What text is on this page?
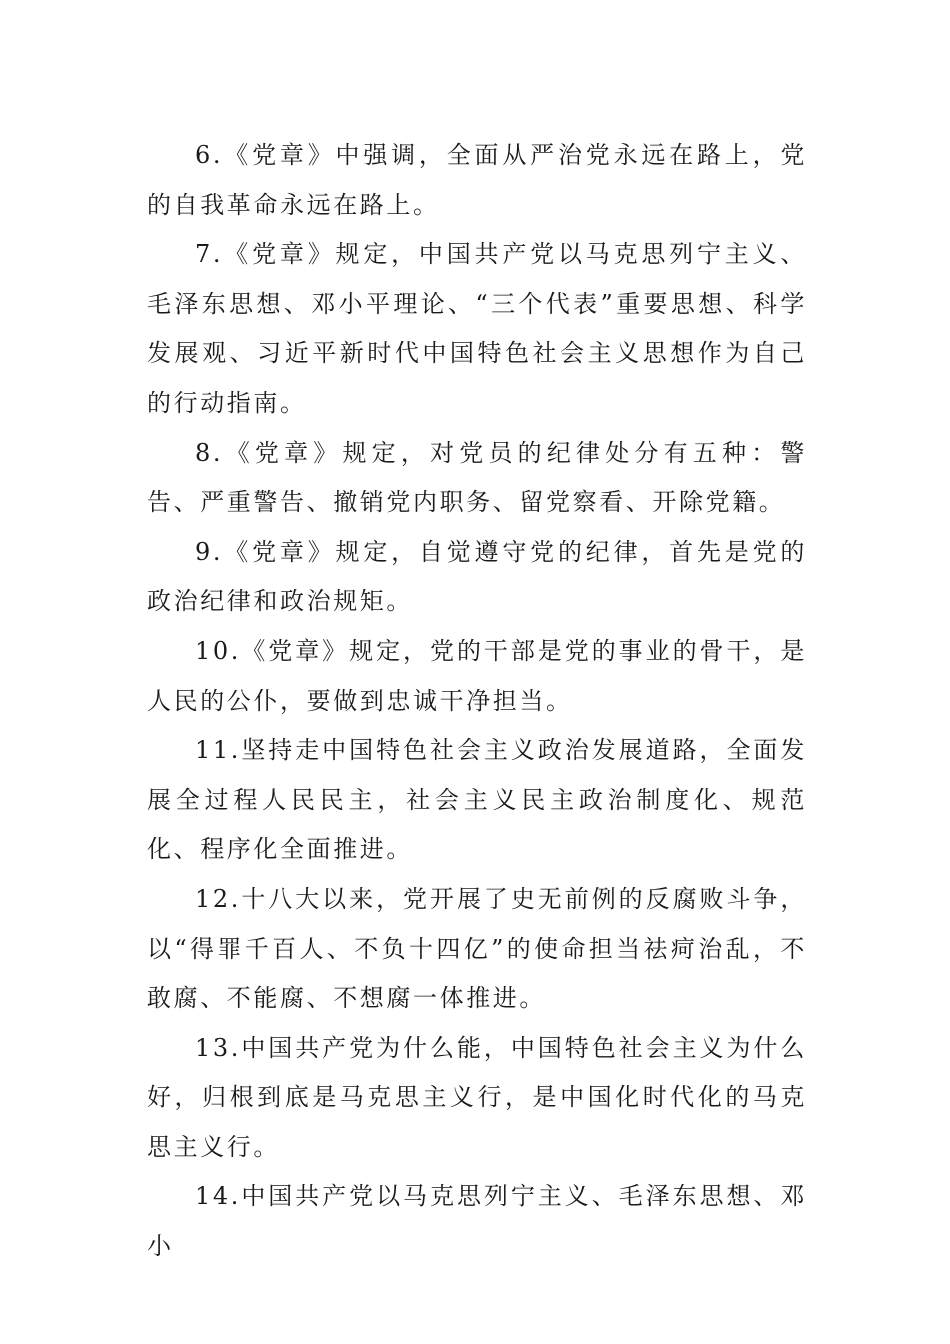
6.《党章》中强调，全面从严治党永远在路上，党的自我革命永远在路上。

7.《党章》规定，中国共产党以马克思列宁主义、毛泽东思想、邓小平理论、“三个代表”重要思想、科学发展观、习近平新时代中国特色社会主义思想作为自己的行动指南。

8.《党章》规定，对党员的纪律处分有五种：警告、严重警告、撤销党内职务、留党察看、开除党籍。

9.《党章》规定，自觉遵守党的纪律，首先是党的政治纪律和政治规矩。

10.《党章》规定，党的干部是党的事业的骨干，是人民的公仆，要做到忠诚干净担当。

11.坚持走中国特色社会主义政治发展道路，全面发展全过程人民民主，社会主义民主政治制度化、规范化、程序化全面推进。

12.十八大以来，党开展了史无前例的反腐败斗争，以“得罪千百人、不负十四亿”的使命担当祛疴治乱，不敢腐、不能腐、不想腐一体推进。

13.中国共产党为什么能，中国特色社会主义为什么好，归根到底是马克思主义行，是中国化时代化的马克思主义行。

14.中国共产党以马克思列宁主义、毛泽东思想、邓小
